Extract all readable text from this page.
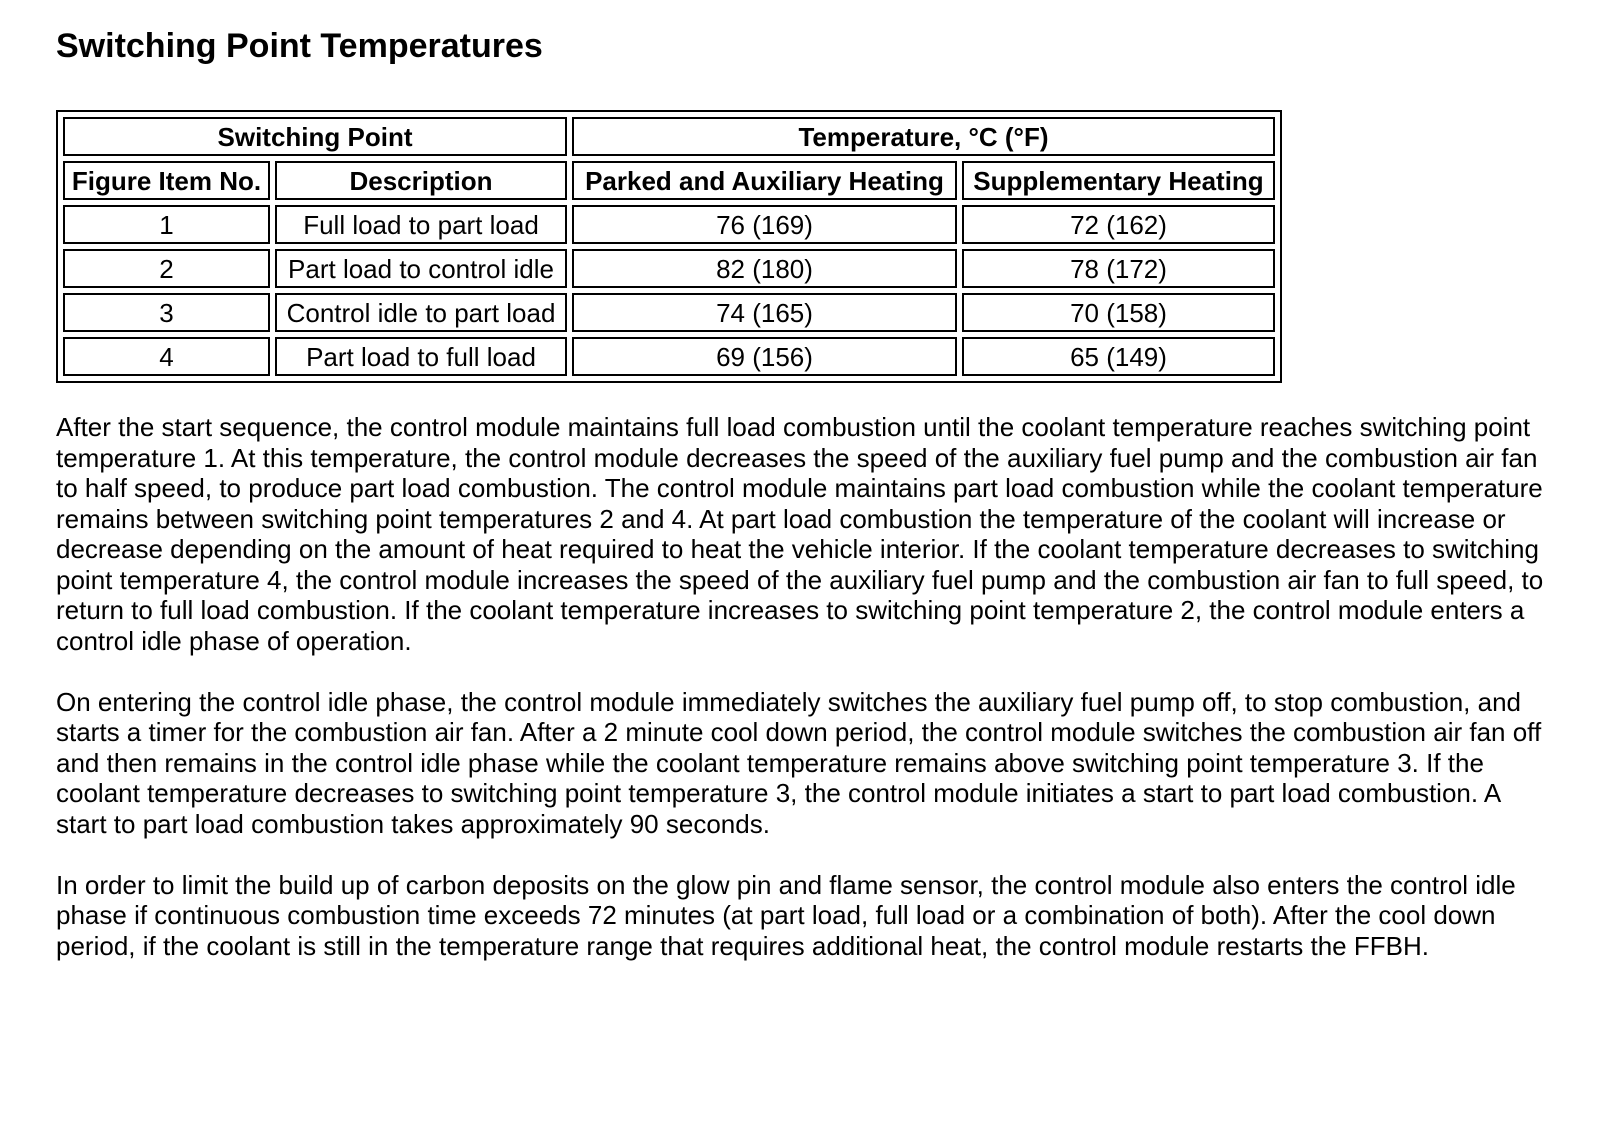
Switching Point Temperatures
Switching Point		Temperature, °C (°F)	
Figure Item No.	Description	Parked and Auxiliary Heating	Supplementary Heating
1	Full load to part load	76 (169)	72 (162)
2	Part load to control idle	82 (180)	78 (172)
3	Control idle to part load	74 (165)	70 (158)
4	Part load to full load	69 (156)	65 (149)

After the start sequence, the control module maintains full load combustion until the coolant temperature reaches switching point temperature 1. At this temperature, the control module decreases the speed of the auxiliary fuel pump and the combustion air fan to half speed, to produce part load combustion. The control module maintains part load combustion while the coolant temperature remains between switching point temperatures 2 and 4. At part load combustion the temperature of the coolant will increase or decrease depending on the amount of heat required to heat the vehicle interior. If the coolant temperature decreases to switching point temperature 4, the control module increases the speed of the auxiliary fuel pump and the combustion air fan to full speed, to return to full load combustion. If the coolant temperature increases to switching point temperature 2, the control module enters a control idle phase of operation.

On entering the control idle phase, the control module immediately switches the auxiliary fuel pump off, to stop combustion, and starts a timer for the combustion air fan. After a 2 minute cool down period, the control module switches the combustion air fan off and then remains in the control idle phase while the coolant temperature remains above switching point temperature 3. If the coolant temperature decreases to switching point temperature 3, the control module initiates a start to part load combustion. A start to part load combustion takes approximately 90 seconds.

In order to limit the build up of carbon deposits on the glow pin and flame sensor, the control module also enters the control idle phase if continuous combustion time exceeds 72 minutes (at part load, full load or a combination of both). After the cool down period, if the coolant is still in the temperature range that requires additional heat, the control module restarts the FFBH.
